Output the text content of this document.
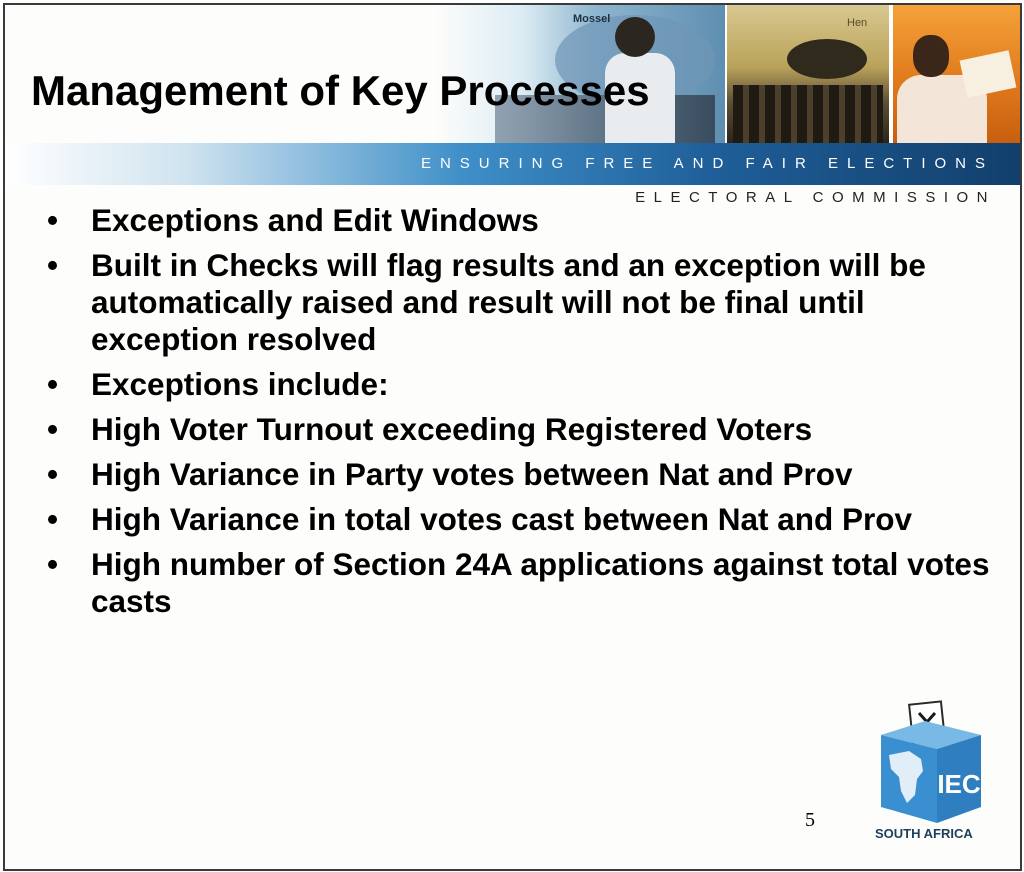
Mossel	Hen
ENSURING FREE AND FAIR ELECTIONS
ELECTORAL COMMISSION
Management of Key Processes
• Exceptions and Edit Windows
• Built in Checks will flag results and an exception will be automatically raised and result will not be final until exception resolved
• Exceptions include:
• High Voter Turnout exceeding Registered Voters
• High Variance in Party votes between Nat and Prov
• High Variance in total votes cast between Nat and Prov
• High number of Section 24A applications against total votes casts
5
IEC
SOUTH AFRICA
